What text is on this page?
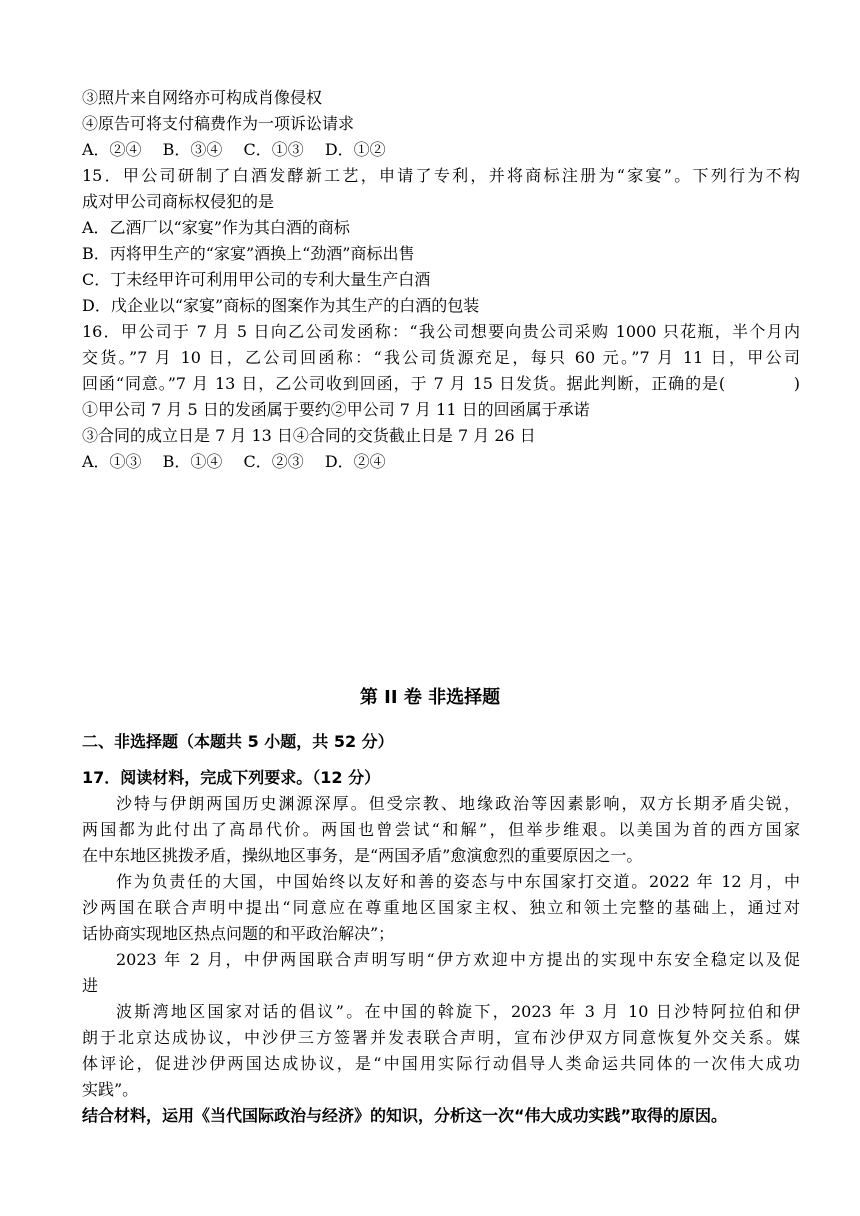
③照片来自网络亦可构成肖像侵权
④原告可将支付稿费作为一项诉讼请求
A．②④　 B．③④　 C．①③　 D．①②
15．甲公司研制了白酒发酵新工艺，申请了专利，并将商标注册为“家宴”。下列行为不构
成对甲公司商标权侵犯的是
A．乙酒厂以“家宴”作为其白酒的商标
B．丙将甲生产的“家宴”酒换上“劲酒”商标出售
C．丁未经甲许可利用甲公司的专利大量生产白酒
D．戊企业以“家宴”商标的图案作为其生产的白酒的包装
16．甲公司于 7 月 5 日向乙公司发函称：“我公司想要向贵公司采购 1000 只花瓶，半个月内
交货。”7 月 10 日，乙公司回函称：“我公司货源充足，每只 60 元。”7 月 11 日，甲公司
回函“同意。”7 月 13 日，乙公司收到回函，于 7 月 15 日发货。据此判断，正确的是(　　　　)
①甲公司 7 月 5 日的发函属于要约②甲公司 7 月 11 日的回函属于承诺
③合同的成立日是 7 月 13 日④合同的交货截止日是 7 月 26 日
A．①③　 B．①④　 C．②③　 D．②④
第 II 卷 非选择题
二、非选择题（本题共 5 小题，共 52 分）
17．阅读材料，完成下列要求。（12 分）
沙特与伊朗两国历史渊源深厚。但受宗教、地缘政治等因素影响，双方长期矛盾尖锐，
两国都为此付出了高昂代价。两国也曾尝试“和解”，但举步维艰。以美国为首的西方国家
在中东地区挑拨矛盾，操纵地区事务，是“两国矛盾”愈演愈烈的重要原因之一。
作为负责任的大国，中国始终以友好和善的姿态与中东国家打交道。2022 年 12 月，中
沙两国在联合声明中提出“同意应在尊重地区国家主权、独立和领土完整的基础上，通过对
话协商实现地区热点问题的和平政治解决”；
2023 年 2 月，中伊两国联合声明写明“伊方欢迎中方提出的实现中东安全稳定以及促
进
波斯湾地区国家对话的倡议”。在中国的斡旋下，2023 年 3 月 10 日沙特阿拉伯和伊
朗于北京达成协议，中沙伊三方签署并发表联合声明，宣布沙伊双方同意恢复外交关系。媒
体评论，促进沙伊两国达成协议，是“中国用实际行动倡导人类命运共同体的一次伟大成功
实践”。
结合材料，运用《当代国际政治与经济》的知识，分析这一次“伟大成功实践”取得的原因。
